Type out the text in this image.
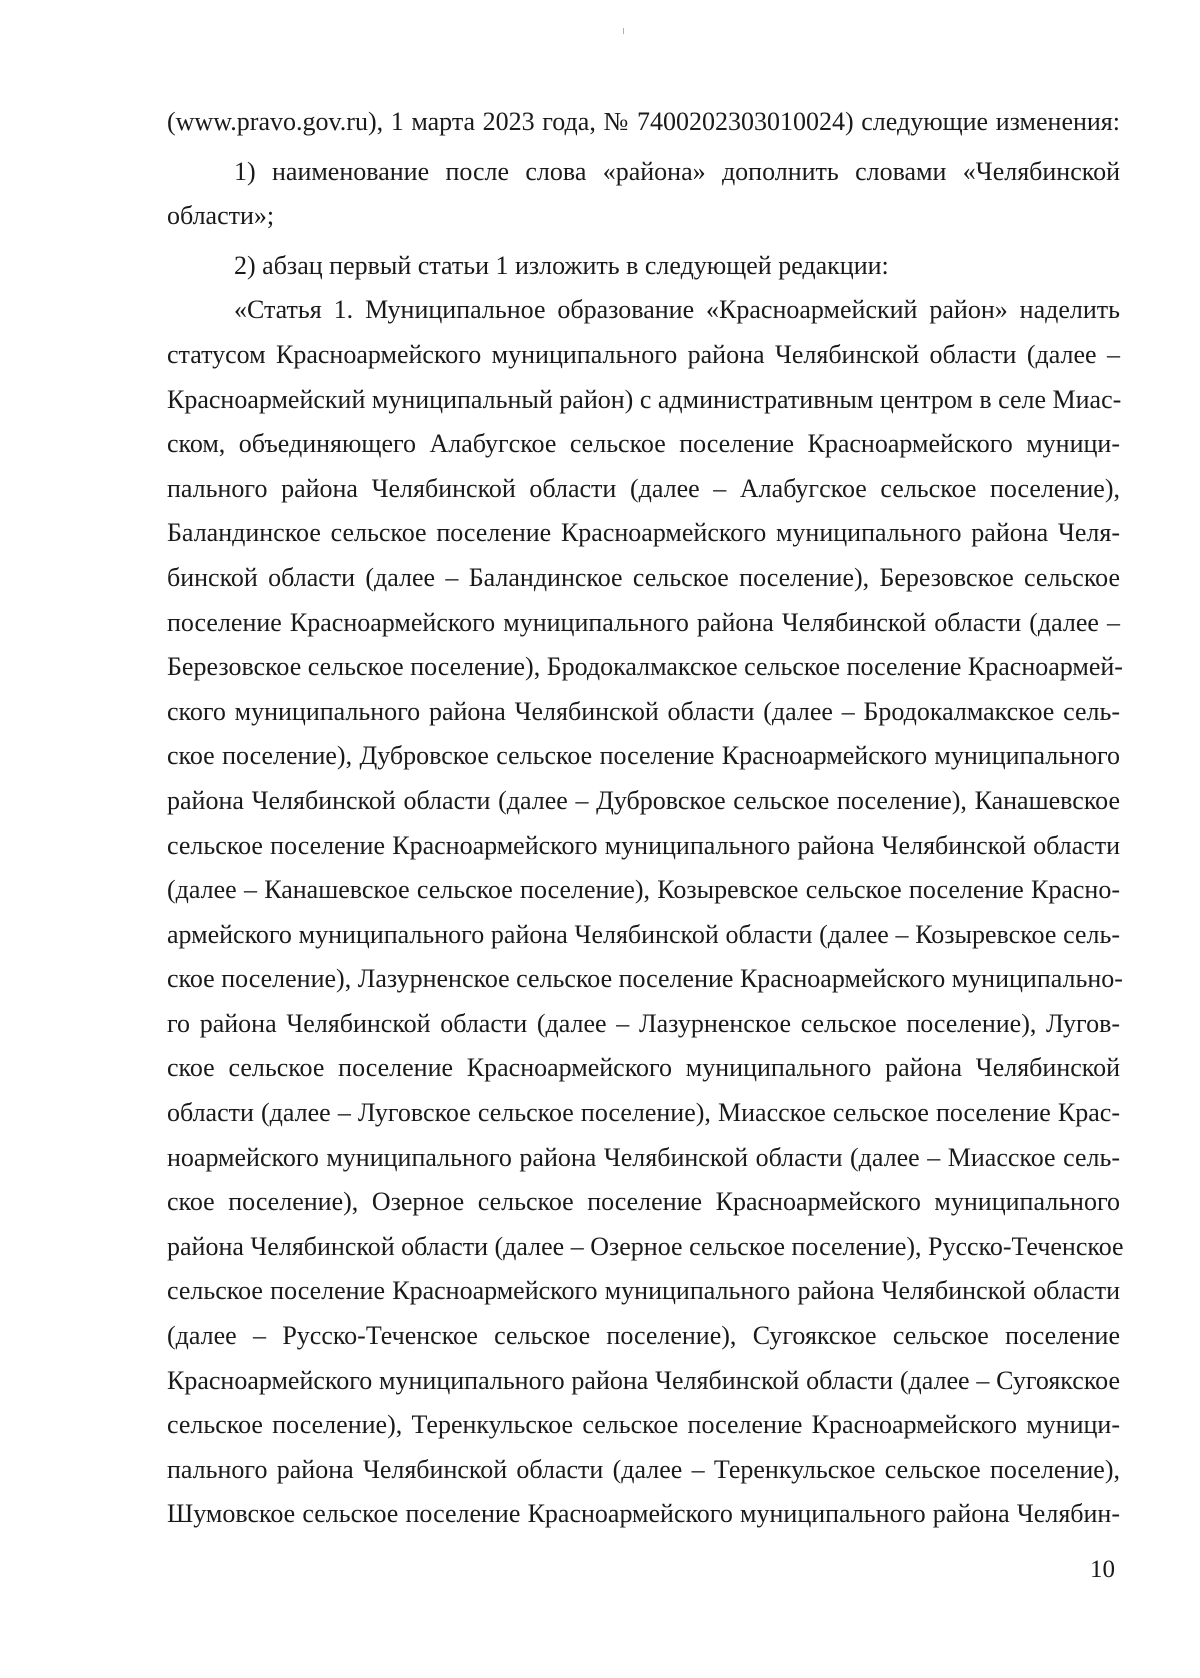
(www.pravo.gov.ru), 1 марта 2023 года, № 7400202303010024) следующие изменения:
1) наименование после слова «района» дополнить словами «Челябинской
области»;
2) абзац первый статьи 1 изложить в следующей редакции:
«Статья 1. Муниципальное образование «Красноармейский район» наделить
статусом Красноармейского муниципального района Челябинской области (далее –
Красноармейский муниципальный район) с административным центром в селе Миас-
ском, объединяющего Алабугское сельское поселение Красноармейского муници-
пального района Челябинской области (далее – Алабугское сельское поселение),
Баландинское сельское поселение Красноармейского муниципального района Челя-
бинской области (далее – Баландинское сельское поселение), Березовское сельское
поселение Красноармейского муниципального района Челябинской области (далее –
Березовское сельское поселение), Бродокалмакское сельское поселение Красноармей-
ского муниципального района Челябинской области (далее – Бродокалмакское сель-
ское поселение), Дубровское сельское поселение Красноармейского муниципального
района Челябинской области (далее – Дубровское сельское поселение), Канашевское
сельское поселение Красноармейского муниципального района Челябинской области
(далее – Канашевское сельское поселение), Козыревское сельское поселение Красно-
армейского муниципального района Челябинской области (далее – Козыревское сель-
ское поселение), Лазурненское сельское поселение Красноармейского муниципально-
го района Челябинской области (далее – Лазурненское сельское поселение), Лугов-
ское сельское поселение Красноармейского муниципального района Челябинской
области (далее – Луговское сельское поселение), Миасское сельское поселение Крас-
ноармейского муниципального района Челябинской области (далее – Миасское сель-
ское поселение), Озерное сельское поселение Красноармейского муниципального
района Челябинской области (далее – Озерное сельское поселение), Русско-Теченское
сельское поселение Красноармейского муниципального района Челябинской области
(далее – Русско-Теченское сельское поселение), Сугоякское сельское поселение
Красноармейского муниципального района Челябинской области (далее – Сугоякское
сельское поселение), Теренкульское сельское поселение Красноармейского муници-
пального района Челябинской области (далее – Теренкульское сельское поселение),
Шумовское сельское поселение Красноармейского муниципального района Челябин-
10
